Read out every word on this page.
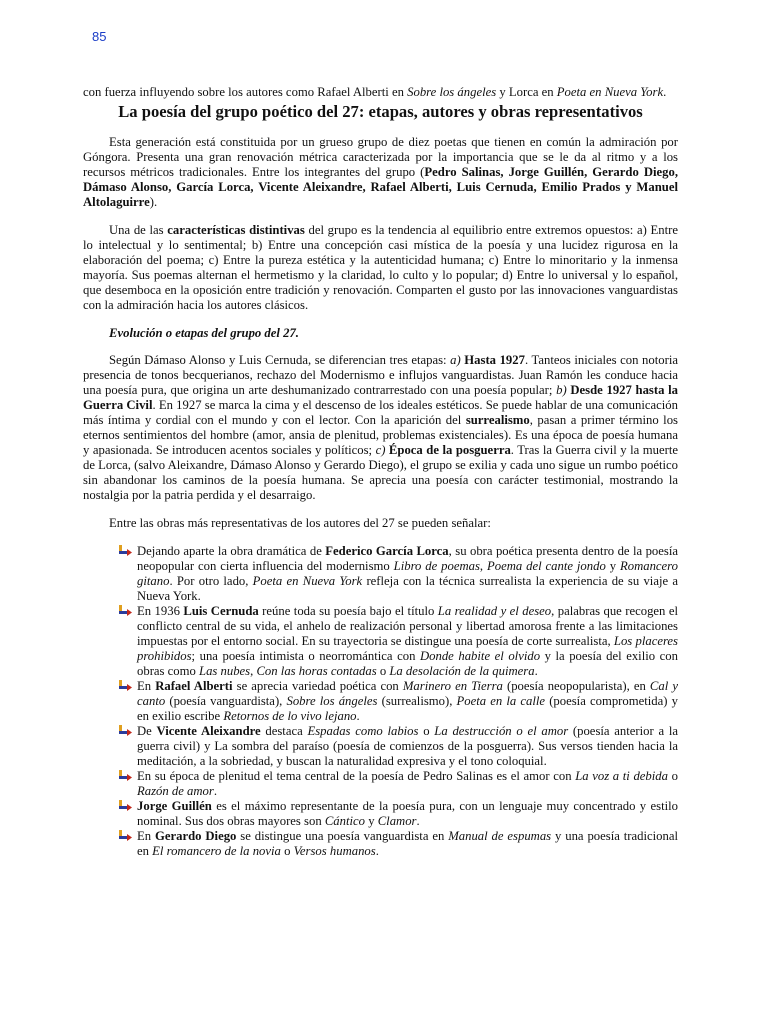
85

con fuerza influyendo sobre los autores como Rafael Alberti en Sobre los ángeles y Lorca en Poeta en Nueva York.

La poesía del grupo poético del 27: etapas, autores y obras representativos

Esta generación está constituida por un grueso grupo de diez poetas que tienen en común la admiración por Góngora. Presenta una gran renovación métrica caracterizada por la importancia que se le da al ritmo y a los recursos métricos tradicionales. Entre los integrantes del grupo (Pedro Salinas, Jorge Guillén, Gerardo Diego, Dámaso Alonso, García Lorca, Vicente Aleixandre, Rafael Alberti, Luis Cernuda, Emilio Prados y Manuel Altolaguirre).

Una de las características distintivas del grupo es la tendencia al equilibrio entre extremos opuestos: a) Entre lo intelectual y lo sentimental; b) Entre una concepción casi mística de la poesía y una lucidez rigurosa en la elaboración del poema; c) Entre la pureza estética y la autenticidad humana; c) Entre lo minoritario y la inmensa mayoría. Sus poemas alternan el hermetismo y la claridad, lo culto y lo popular; d) Entre lo universal y lo español, que desemboca en la oposición entre tradición y renovación. Comparten el gusto por las innovaciones vanguardistas con la admiración hacia los autores clásicos.

Evolución o etapas del grupo del 27.

Según Dámaso Alonso y Luis Cernuda, se diferencian tres etapas: a) Hasta 1927. Tanteos iniciales con notoria presencia de tonos becquerianos, rechazo del Modernismo e influjos vanguardistas. Juan Ramón les conduce hacia una poesía pura, que origina un arte deshumanizado contrarrestado con una poesía popular; b) Desde 1927 hasta la Guerra Civil. En 1927 se marca la cima y el descenso de los ideales estéticos. Se puede hablar de una comunicación más íntima y cordial con el mundo y con el lector. Con la aparición del surrealismo, pasan a primer término los eternos sentimientos del hombre (amor, ansia de plenitud, problemas existenciales). Es una época de poesía humana y apasionada. Se introducen acentos sociales y políticos; c) Época de la posguerra. Tras la Guerra civil y la muerte de Lorca, (salvo Aleixandre, Dámaso Alonso y Gerardo Diego), el grupo se exilia y cada uno sigue un rumbo poético sin abandonar los caminos de la poesía humana. Se aprecia una poesía con carácter testimonial, mostrando la nostalgia por la patria perdida y el desarraigo.

Entre las obras más representativas de los autores del 27 se pueden señalar:

Dejando aparte la obra dramática de Federico García Lorca, su obra poética presenta dentro de la poesía neopopular con cierta influencia del modernismo Libro de poemas, Poema del cante jondo y Romancero gitano. Por otro lado, Poeta en Nueva York refleja con la técnica surrealista la experiencia de su viaje a Nueva York.
En 1936 Luis Cernuda reúne toda su poesía bajo el título La realidad y el deseo, palabras que recogen el conflicto central de su vida, el anhelo de realización personal y libertad amorosa frente a las limitaciones impuestas por el entorno social. En su trayectoria se distingue una poesía de corte surrealista, Los placeres prohibidos; una poesía intimista o neorromántica con Donde habite el olvido y la poesía del exilio con obras como Las nubes, Con las horas contadas o La desolación de la quimera.
En Rafael Alberti se aprecia variedad poética con Marinero en Tierra (poesía neopopularista), en Cal y canto (poesía vanguardista), Sobre los ángeles (surrealismo), Poeta en la calle (poesía comprometida) y en exilio escribe Retornos de lo vivo lejano.
De Vicente Aleixandre destaca Espadas como labios o La destrucción o el amor (poesía anterior a la guerra civil) y La sombra del paraíso (poesía de comienzos de la posguerra). Sus versos tienden hacia la meditación, a la sobriedad, y buscan la naturalidad expresiva y el tono coloquial.
En su época de plenitud el tema central de la poesía de Pedro Salinas es el amor con La voz a ti debida o Razón de amor.
Jorge Guillén es el máximo representante de la poesía pura, con un lenguaje muy concentrado y estilo nominal. Sus dos obras mayores son Cántico y Clamor.
En Gerardo Diego se distingue una poesía vanguardista en Manual de espumas y una poesía tradicional en El romancero de la novia o Versos humanos.
